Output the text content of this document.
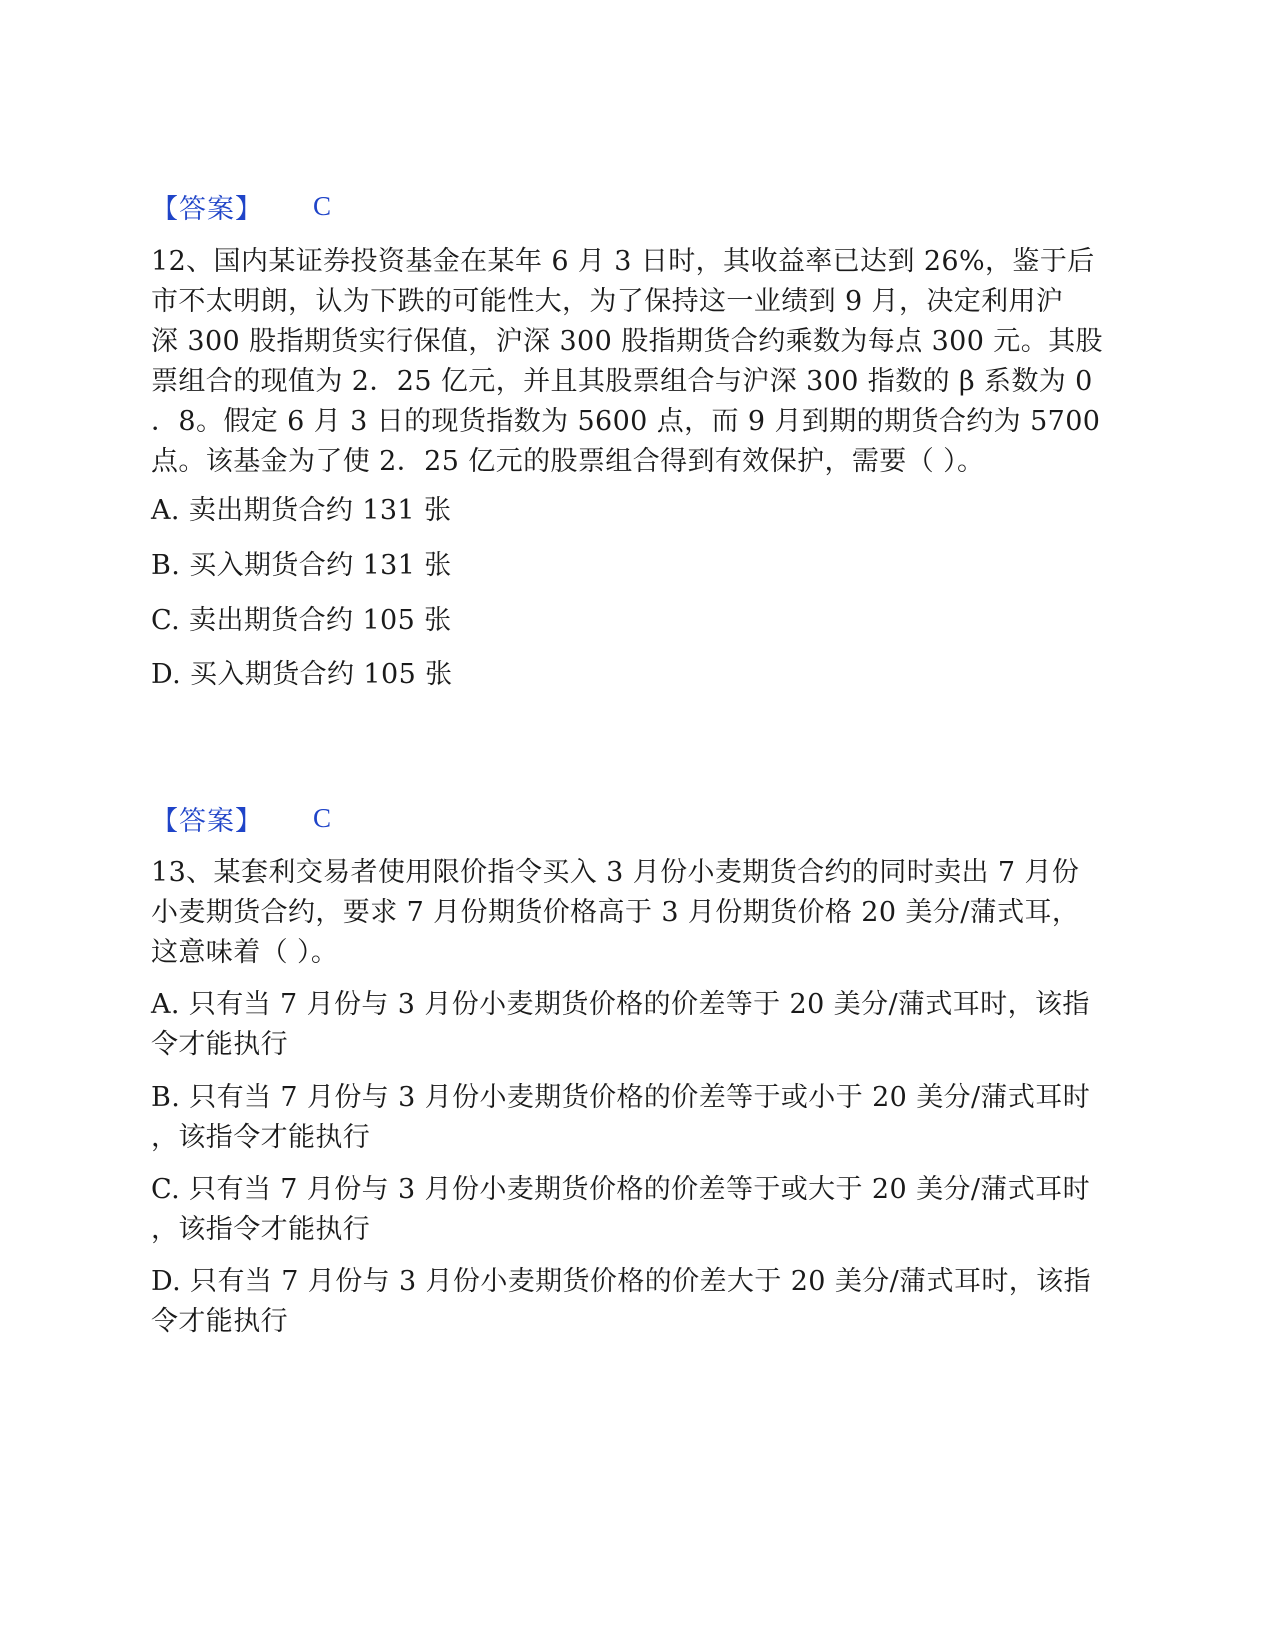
【答案】 C

12、国内某证券投资基金在某年 6 月 3 日时，其收益率已达到 26%，鉴于后
市不太明朗，认为下跌的可能性大，为了保持这一业绩到 9 月，决定利用沪
深 300 股指期货实行保值，沪深 300 股指期货合约乘数为每点 300 元。其股
票组合的现值为 2．25 亿元，并且其股票组合与沪深 300 指数的 β 系数为 0
．8。假定 6 月 3 日的现货指数为 5600 点，而 9 月到期的期货合约为 5700
点。该基金为了使 2．25 亿元的股票组合得到有效保护，需要（ ）。

A. 卖出期货合约 131 张

B. 买入期货合约 131 张

C. 卖出期货合约 105 张

D. 买入期货合约 105 张

【答案】 C

13、某套利交易者使用限价指令买入 3 月份小麦期货合约的同时卖出 7 月份
小麦期货合约，要求 7 月份期货价格高于 3 月份期货价格 20 美分/蒲式耳，
这意味着（ ）。

A. 只有当 7 月份与 3 月份小麦期货价格的价差等于 20 美分/蒲式耳时，该指
令才能执行

B. 只有当 7 月份与 3 月份小麦期货价格的价差等于或小于 20 美分/蒲式耳时
，该指令才能执行

C. 只有当 7 月份与 3 月份小麦期货价格的价差等于或大于 20 美分/蒲式耳时
，该指令才能执行

D. 只有当 7 月份与 3 月份小麦期货价格的价差大于 20 美分/蒲式耳时，该指
令才能执行
